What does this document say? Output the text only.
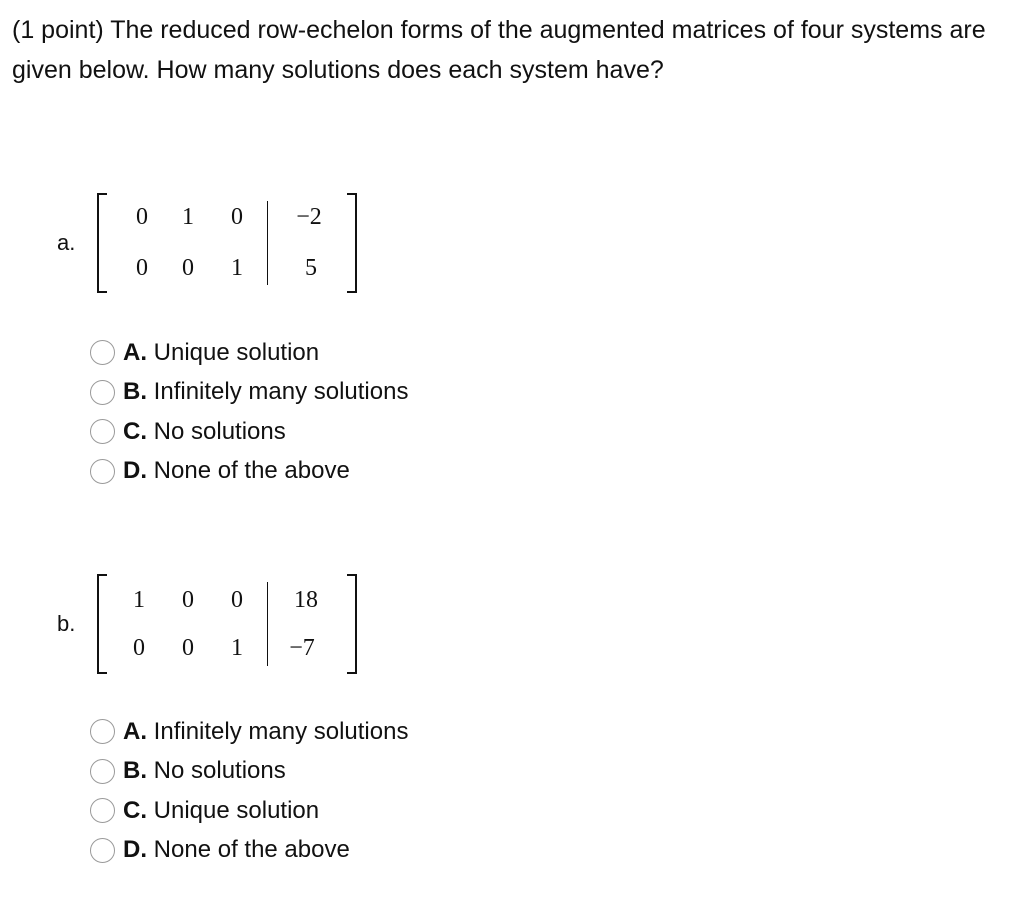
(1 point) The reduced row-echelon forms of the augmented matrices of four systems are given below. How many solutions does each system have?

a.
0	1	0	−2
0	0	1	5
A. Unique solution
B. Infinitely many solutions
C. No solutions
D. None of the above
b.
1	0	0	18
0	0	1	−7
A. Infinitely many solutions
B. No solutions
C. Unique solution
D. None of the above
